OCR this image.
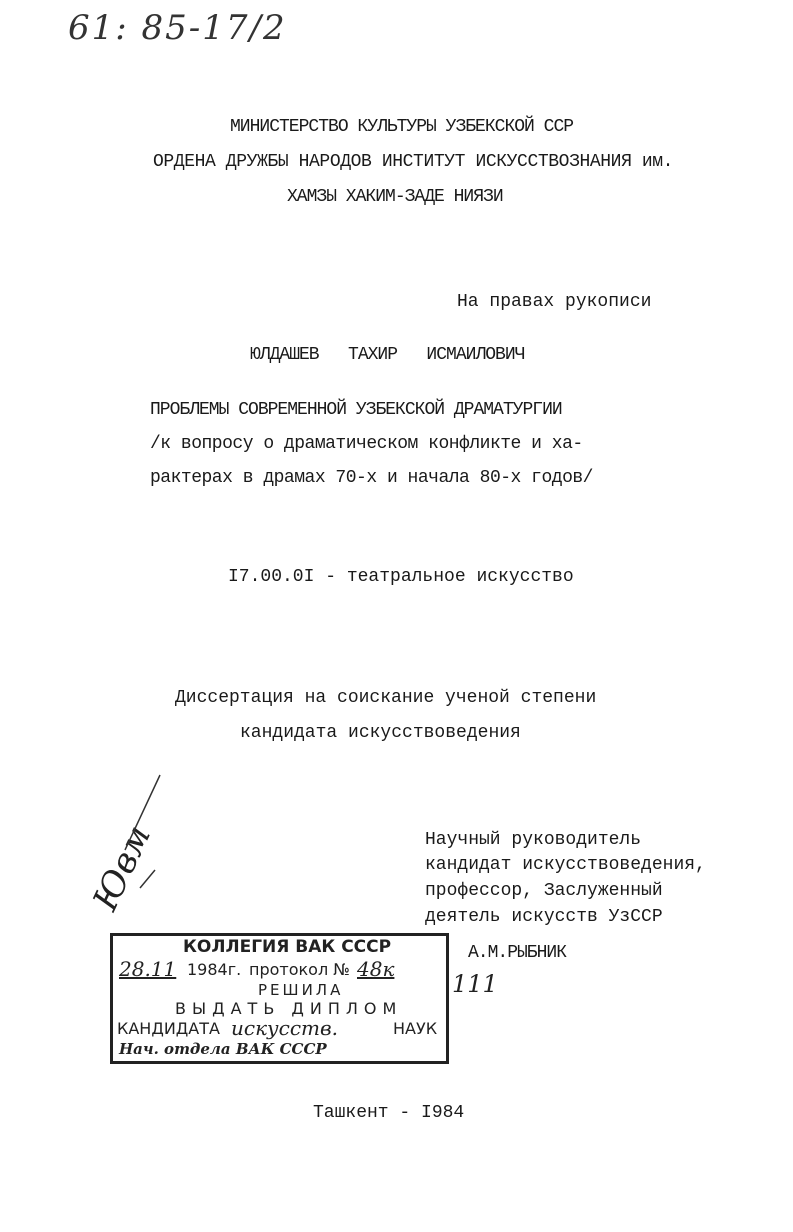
61: 85-17/2
МИНИСТЕРСТВО КУЛЬТУРЫ УЗБЕКСКОЙ ССР
ОРДЕНА ДРУЖБЫ НАРОДОВ ИНСТИТУТ ИСКУССТВОЗНАНИЯ им.
ХАМЗЫ ХАКИМ-ЗАДЕ НИЯЗИ
На правах рукописи
ЮЛДАШЕВ   ТАХИР   ИСМАИЛОВИЧ
ПРОБЛЕМЫ СОВРЕМЕННОЙ УЗБЕКСКОЙ ДРАМАТУРГИИ
/к вопросу о драматическом конфликте и ха-
рактерах в драмах 70-х и начала 80-х годов/
I7.00.0I - театральное искусство
Диссертация на соискание ученой степени
кандидата искусствоведения
Научный руководитель
кандидат искусствоведения,
профессор, Заслуженный
деятель искусств УзССР
А.М.РЫБНИК
Ювм
КОЛЛЕГИЯ ВАК СССР
28.11 1984г. протокол № 48к
РЕШИЛА
ВЫДАТЬ ДИПЛОМ
КАНДИДАТА искусств.	НАУК
Нач. отдела ВАК СССР
111
Ташкент - I984
